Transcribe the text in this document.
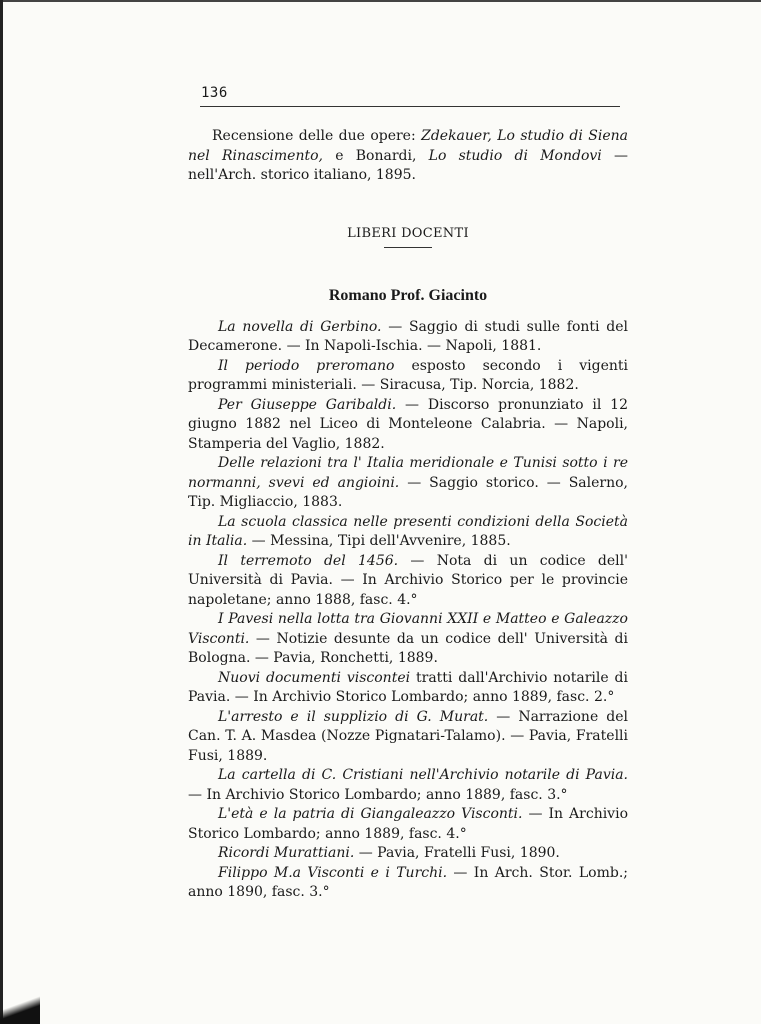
136

Recensione delle due opere: Zdekauer, Lo studio di Siena nel Rinascimento, e Bonardi, Lo studio di Mondovi — nell'Arch. storico italiano, 1895.

LIBERI DOCENTI
Romano Prof. Giacinto

La novella di Gerbino. — Saggio di studi sulle fonti del Decamerone. — In Napoli-Ischia. — Napoli, 1881.

Il periodo preromano esposto secondo i vigenti programmi ministeriali. — Siracusa, Tip. Norcia, 1882.

Per Giuseppe Garibaldi. — Discorso pronunziato il 12 giugno 1882 nel Liceo di Monteleone Calabria. — Napoli, Stamperia del Vaglio, 1882.

Delle relazioni tra l' Italia meridionale e Tunisi sotto i re normanni, svevi ed angioini. — Saggio storico. — Salerno, Tip. Migliaccio, 1883.

La scuola classica nelle presenti condizioni della Società in Italia. — Messina, Tipi dell'Avvenire, 1885.

Il terremoto del 1456. — Nota di un codice dell' Università di Pavia. — In Archivio Storico per le provincie napoletane; anno 1888, fasc. 4.°

I Pavesi nella lotta tra Giovanni XXII e Matteo e Galeazzo Visconti. — Notizie desunte da un codice dell' Università di Bologna. — Pavia, Ronchetti, 1889.

Nuovi documenti viscontei tratti dall'Archivio notarile di Pavia. — In Archivio Storico Lombardo; anno 1889, fasc. 2.°

L'arresto e il supplizio di G. Murat. — Narrazione del Can. T. A. Masdea (Nozze Pignatari-Talamo). — Pavia, Fratelli Fusi, 1889.

La cartella di C. Cristiani nell'Archivio notarile di Pavia. — In Archivio Storico Lombardo; anno 1889, fasc. 3.°

L'età e la patria di Giangaleazzo Visconti. — In Archivio Storico Lombardo; anno 1889, fasc. 4.°

Ricordi Murattiani. — Pavia, Fratelli Fusi, 1890.

Filippo M.a Visconti e i Turchi. — In Arch. Stor. Lomb.; anno 1890, fasc. 3.°
